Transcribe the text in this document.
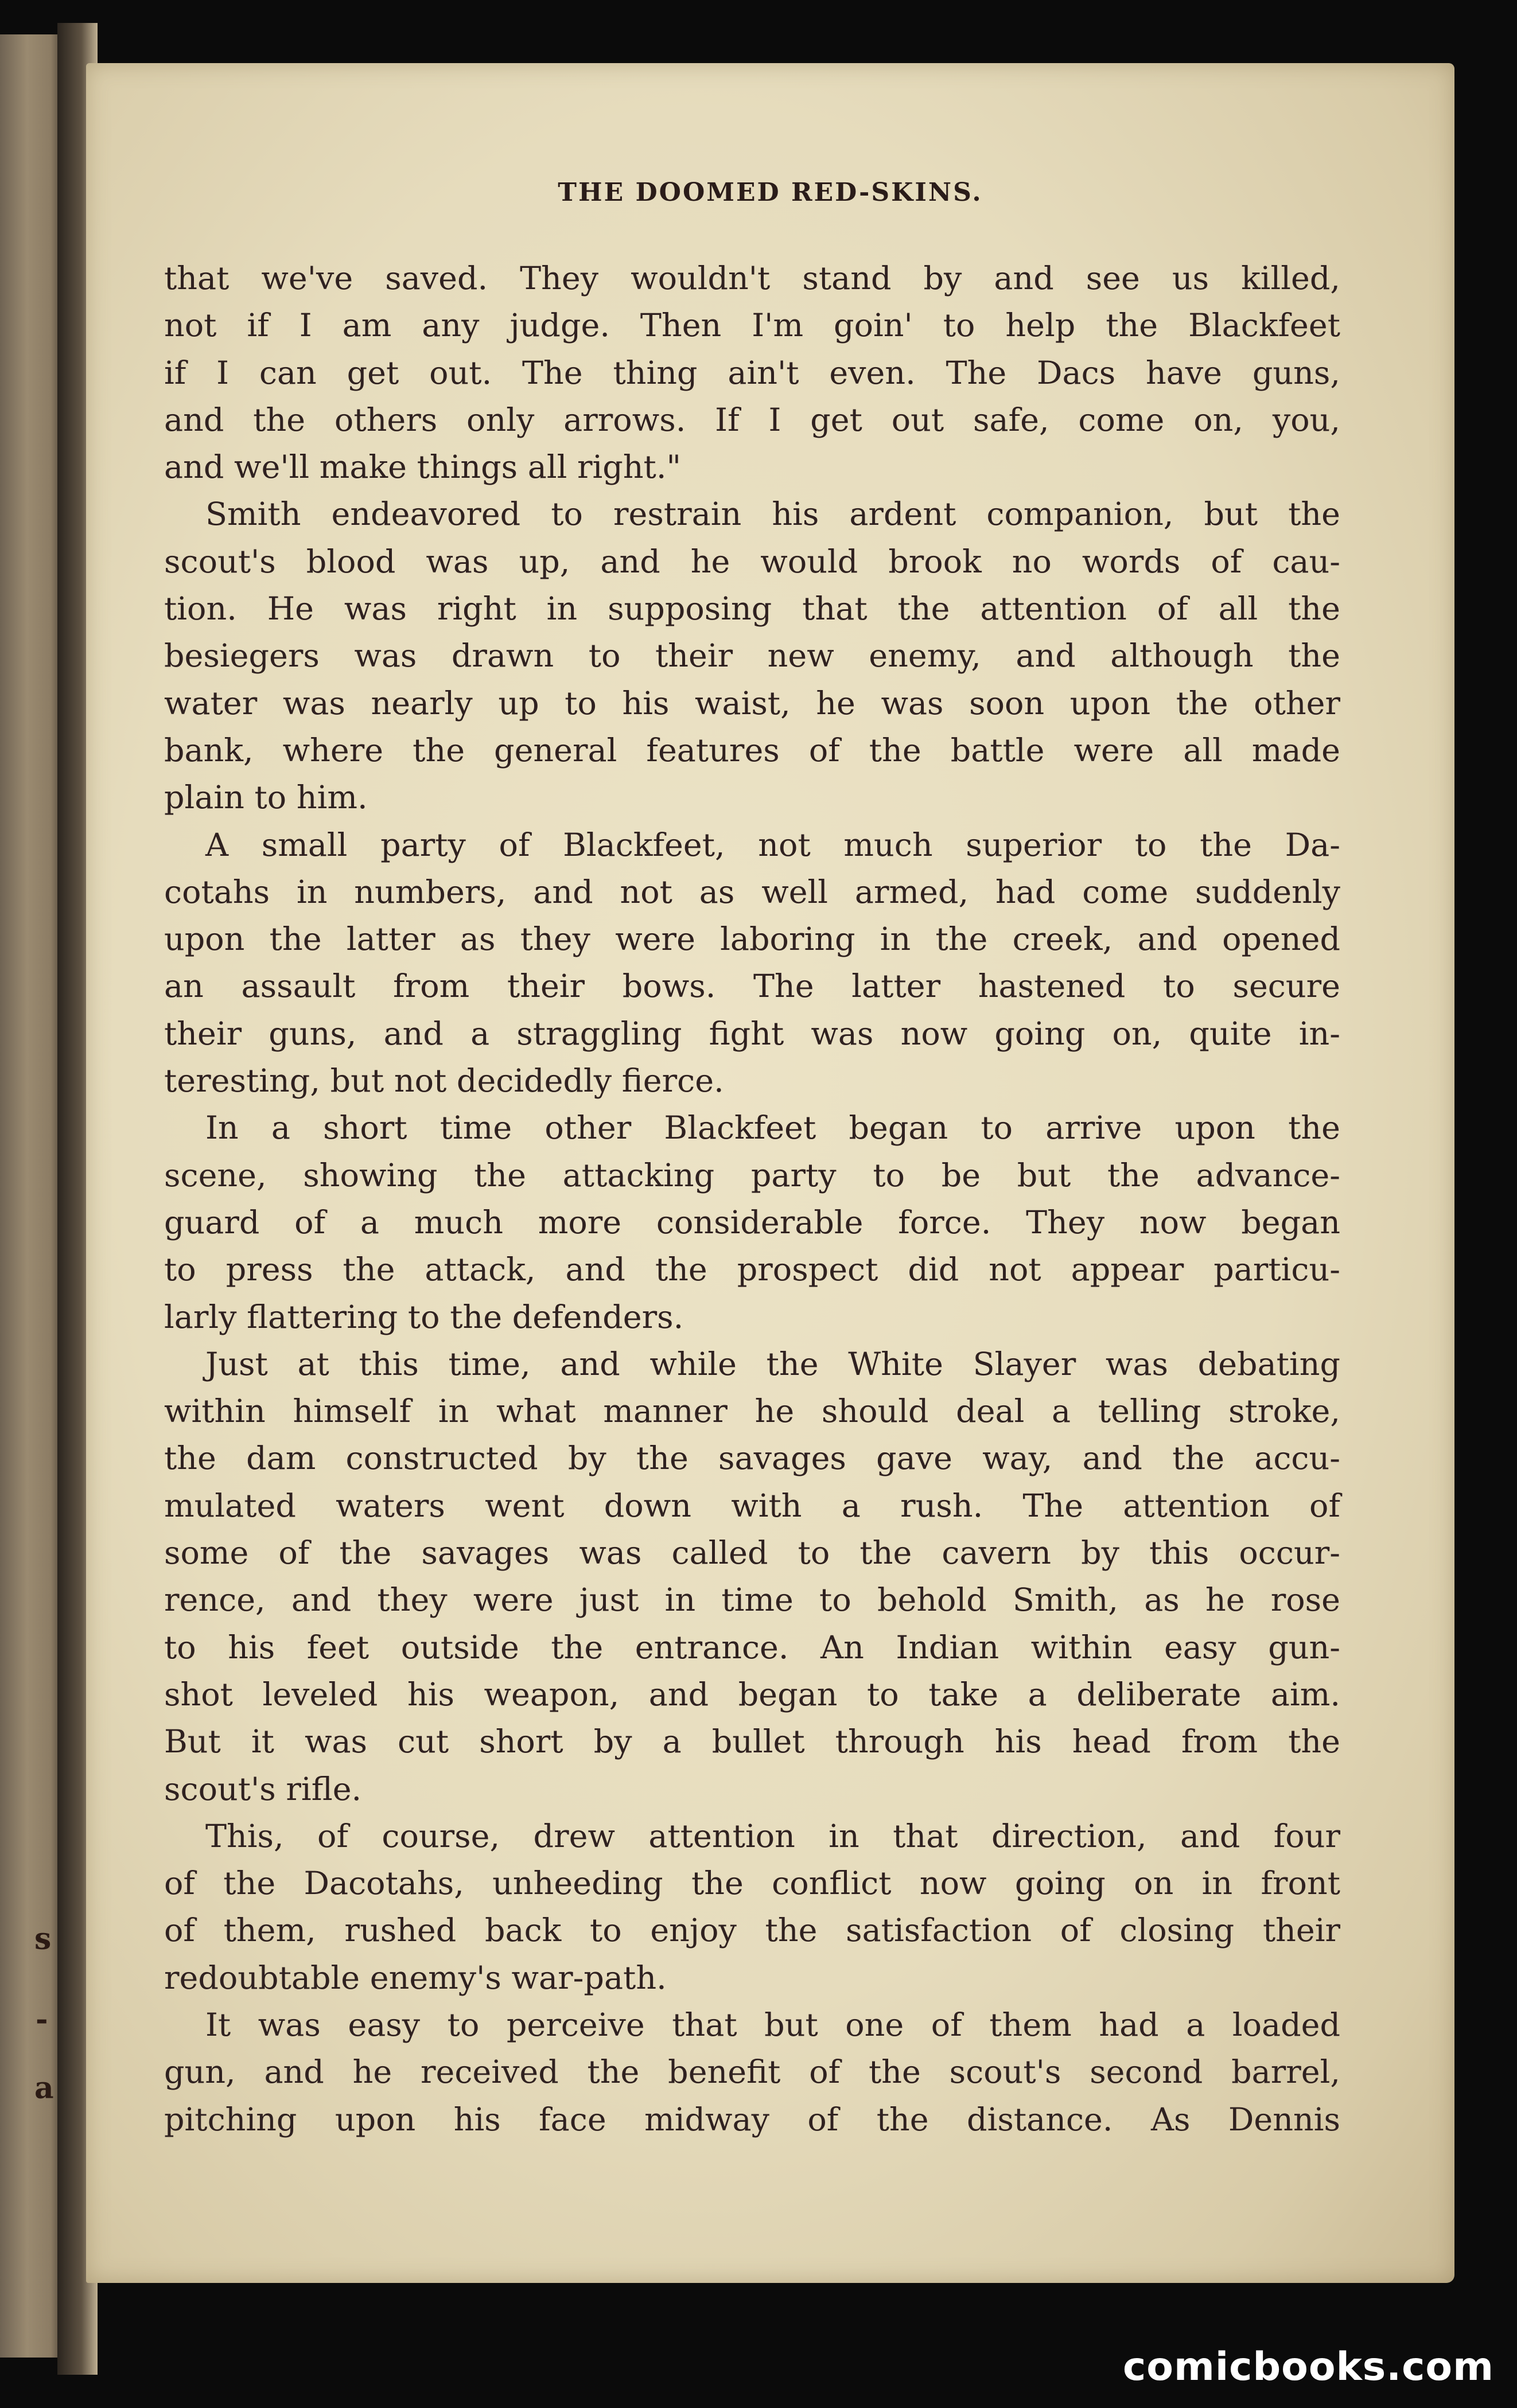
s
-
a
THE DOOMED RED-SKINS.
that we've saved. They wouldn't stand by and see us killed,
not if I am any judge. Then I'm goin' to help the Blackfeet
if I can get out. The thing ain't even. The Dacs have guns,
and the others only arrows. If I get out safe, come on, you,
and we'll make things all right."
Smith endeavored to restrain his ardent companion, but the
scout's blood was up, and he would brook no words of cau-
tion. He was right in supposing that the attention of all the
besiegers was drawn to their new enemy, and although the
water was nearly up to his waist, he was soon upon the other
bank, where the general features of the battle were all made
plain to him.
A small party of Blackfeet, not much superior to the Da-
cotahs in numbers, and not as well armed, had come suddenly
upon the latter as they were laboring in the creek, and opened
an assault from their bows. The latter hastened to secure
their guns, and a straggling fight was now going on, quite in-
teresting, but not decidedly fierce.
In a short time other Blackfeet began to arrive upon the
scene, showing the attacking party to be but the advance-
guard of a much more considerable force. They now began
to press the attack, and the prospect did not appear particu-
larly flattering to the defenders.
Just at this time, and while the White Slayer was debating
within himself in what manner he should deal a telling stroke,
the dam constructed by the savages gave way, and the accu-
mulated waters went down with a rush. The attention of
some of the savages was called to the cavern by this occur-
rence, and they were just in time to behold Smith, as he rose
to his feet outside the entrance. An Indian within easy gun-
shot leveled his weapon, and began to take a deliberate aim.
But it was cut short by a bullet through his head from the
scout's rifle.
This, of course, drew attention in that direction, and four
of the Dacotahs, unheeding the conflict now going on in front
of them, rushed back to enjoy the satisfaction of closing their
redoubtable enemy's war-path.
It was easy to perceive that but one of them had a loaded
gun, and he received the benefit of the scout's second barrel,
pitching upon his face midway of the distance. As Dennis
comicbooks.com
